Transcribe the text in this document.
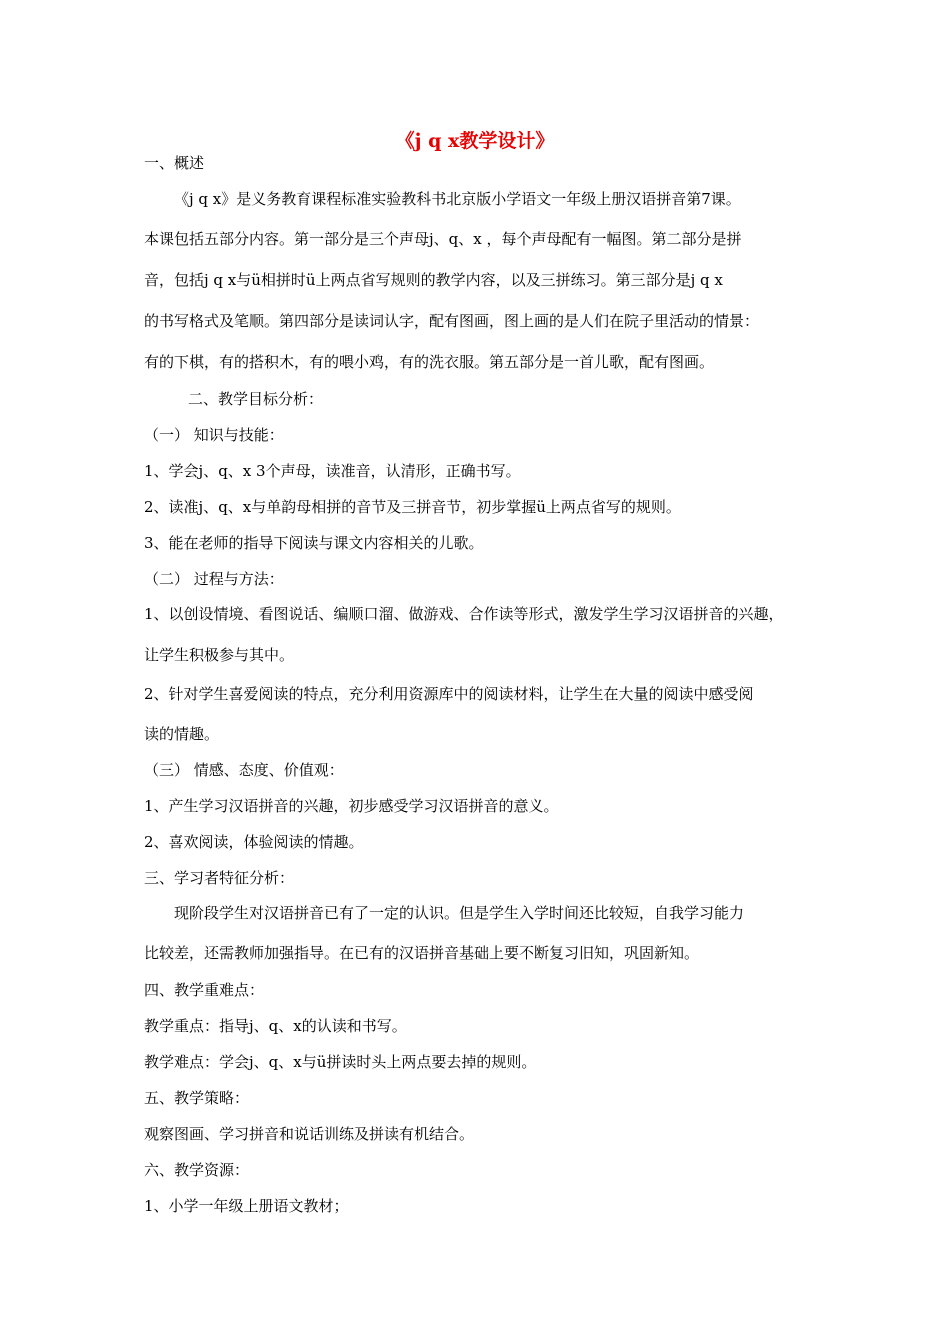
《j q x教学设计》
一、概述
《j q x》是义务教育课程标准实验教科书北京版小学语文一年级上册汉语拼音第7课。
本课包括五部分内容。第一部分是三个声母j、q、x ，每个声母配有一幅图。第二部分是拼
音，包括j q x与ü相拼时ü上两点省写规则的教学内容，以及三拼练习。第三部分是j q x
的书写格式及笔顺。第四部分是读词认字，配有图画，图上画的是人们在院子里活动的情景：
有的下棋，有的搭积木，有的喂小鸡，有的洗衣服。第五部分是一首儿歌，配有图画。
二、教学目标分析：
（一） 知识与技能：
1、学会j、q、x 3个声母，读准音，认清形，正确书写。
2、读准j、q、x与单韵母相拼的音节及三拼音节，初步掌握ü上两点省写的规则。
3、能在老师的指导下阅读与课文内容相关的儿歌。
（二） 过程与方法：
1、以创设情境、看图说话、编顺口溜、做游戏、合作读等形式，激发学生学习汉语拼音的兴趣，
让学生积极参与其中。
2、针对学生喜爱阅读的特点，充分利用资源库中的阅读材料，让学生在大量的阅读中感受阅
读的情趣。
（三） 情感、态度、价值观：
1、产生学习汉语拼音的兴趣，初步感受学习汉语拼音的意义。
2、喜欢阅读，体验阅读的情趣。
三、学习者特征分析：
现阶段学生对汉语拼音已有了一定的认识。但是学生入学时间还比较短，自我学习能力
比较差，还需教师加强指导。在已有的汉语拼音基础上要不断复习旧知，巩固新知。
四、教学重难点：
教学重点：指导j、q、x的认读和书写。
教学难点：学会j、q、x与ü拼读时头上两点要去掉的规则。
五、教学策略：
观察图画、学习拼音和说话训练及拼读有机结合。
六、教学资源：
1、小学一年级上册语文教材；
